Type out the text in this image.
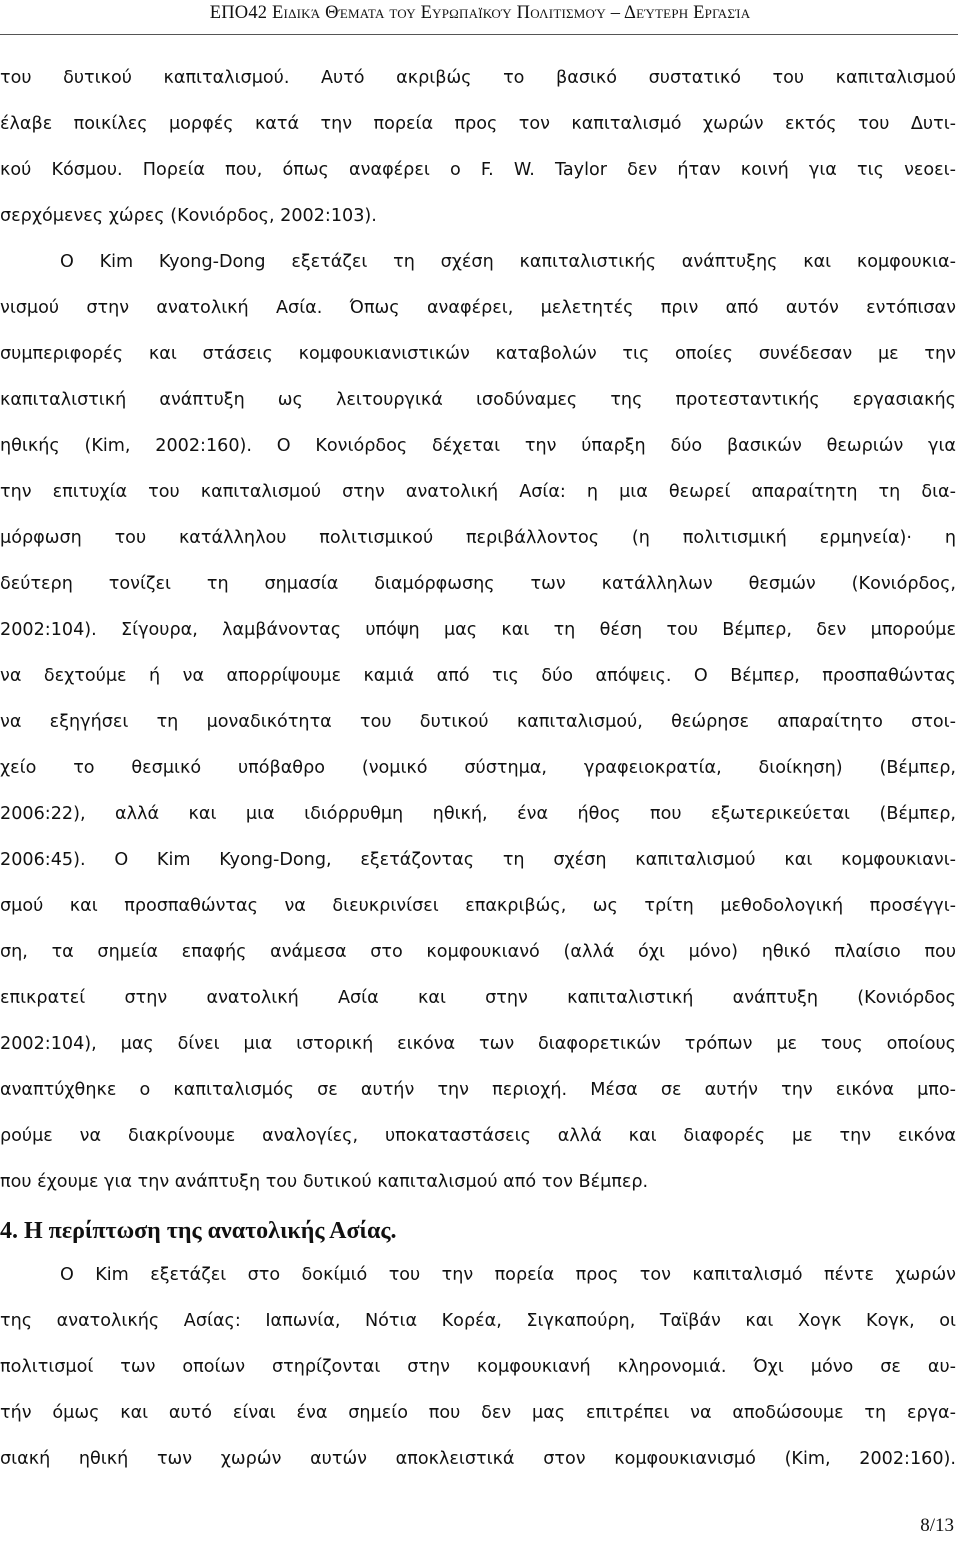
ΕΠΟ42 Ειδικά Θέματα του Ευρωπαϊκού Πολιτισμού – Δεύτερη Εργασία
του δυτικού καπιταλισμού. Αυτό ακριβώς το βασικό συστατικό του καπιταλισμού
έλαβε ποικίλες μορφές κατά την πορεία προς τον καπιταλισμό χωρών εκτός του Δυτι-
κού Κόσμου. Πορεία που, όπως αναφέρει ο F. W. Taylor δεν ήταν κοινή για τις νεοει-
σερχόμενες χώρες (Κονιόρδος, 2002:103).
Ο Kim Kyong-Dong εξετάζει τη σχέση καπιταλιστικής ανάπτυξης και κομφουκια-
νισμού στην ανατολική Ασία. Όπως αναφέρει, μελετητές πριν από αυτόν εντόπισαν
συμπεριφορές και στάσεις κομφουκιανιστικών καταβολών τις οποίες συνέδεσαν με την
καπιταλιστική ανάπτυξη ως λειτουργικά ισοδύναμες της προτεσταντικής εργασιακής
ηθικής (Kim, 2002:160). Ο Κονιόρδος δέχεται την ύπαρξη δύο βασικών θεωριών για
την επιτυχία του καπιταλισμού στην ανατολική Ασία: η μια θεωρεί απαραίτητη τη δια-
μόρφωση του κατάλληλου πολιτισμικού περιβάλλοντος (η πολιτισμική ερμηνεία)· η
δεύτερη τονίζει τη σημασία διαμόρφωσης των κατάλληλων θεσμών (Κονιόρδος,
2002:104). Σίγουρα, λαμβάνοντας υπόψη μας και τη θέση του Βέμπερ, δεν μπορούμε
να δεχτούμε ή να απορρίψουμε καμιά από τις δύο απόψεις. Ο Βέμπερ, προσπαθώντας
να εξηγήσει τη μοναδικότητα του δυτικού καπιταλισμού, θεώρησε απαραίτητο στοι-
χείο το θεσμικό υπόβαθρο (νομικό σύστημα, γραφειοκρατία, διοίκηση) (Βέμπερ,
2006:22), αλλά και μια ιδιόρρυθμη ηθική, ένα ήθος που εξωτερικεύεται (Βέμπερ,
2006:45). Ο Kim Kyong-Dong, εξετάζοντας τη σχέση καπιταλισμού και κομφουκιανι-
σμού και προσπαθώντας να διευκρινίσει επακριβώς, ως τρίτη μεθοδολογική προσέγγι-
ση, τα σημεία επαφής ανάμεσα στο κομφουκιανό (αλλά όχι μόνο) ηθικό πλαίσιο που
επικρατεί στην ανατολική Ασία και στην καπιταλιστική ανάπτυξη (Κονιόρδος
2002:104), μας δίνει μια ιστορική εικόνα των διαφορετικών τρόπων με τους οποίους
αναπτύχθηκε ο καπιταλισμός σε αυτήν την περιοχή. Μέσα σε αυτήν την εικόνα μπο-
ρούμε να διακρίνουμε αναλογίες, υποκαταστάσεις αλλά και διαφορές με την εικόνα
που έχουμε για την ανάπτυξη του δυτικού καπιταλισμού από τον Βέμπερ.
4. Η περίπτωση της ανατολικής Ασίας.
Ο Kim εξετάζει στο δοκίμιό του την πορεία προς τον καπιταλισμό πέντε χωρών
της ανατολικής Ασίας: Ιαπωνία, Νότια Κορέα, Σιγκαπούρη, Ταϊβάν και Χογκ Κογκ, οι
πολιτισμοί των οποίων στηρίζονται στην κομφουκιανή κληρονομιά. Όχι μόνο σε αυ-
τήν όμως και αυτό είναι ένα σημείο που δεν μας επιτρέπει να αποδώσουμε τη εργα-
σιακή ηθική των χωρών αυτών αποκλειστικά στον κομφουκιανισμό (Kim, 2002:160).
8/13
